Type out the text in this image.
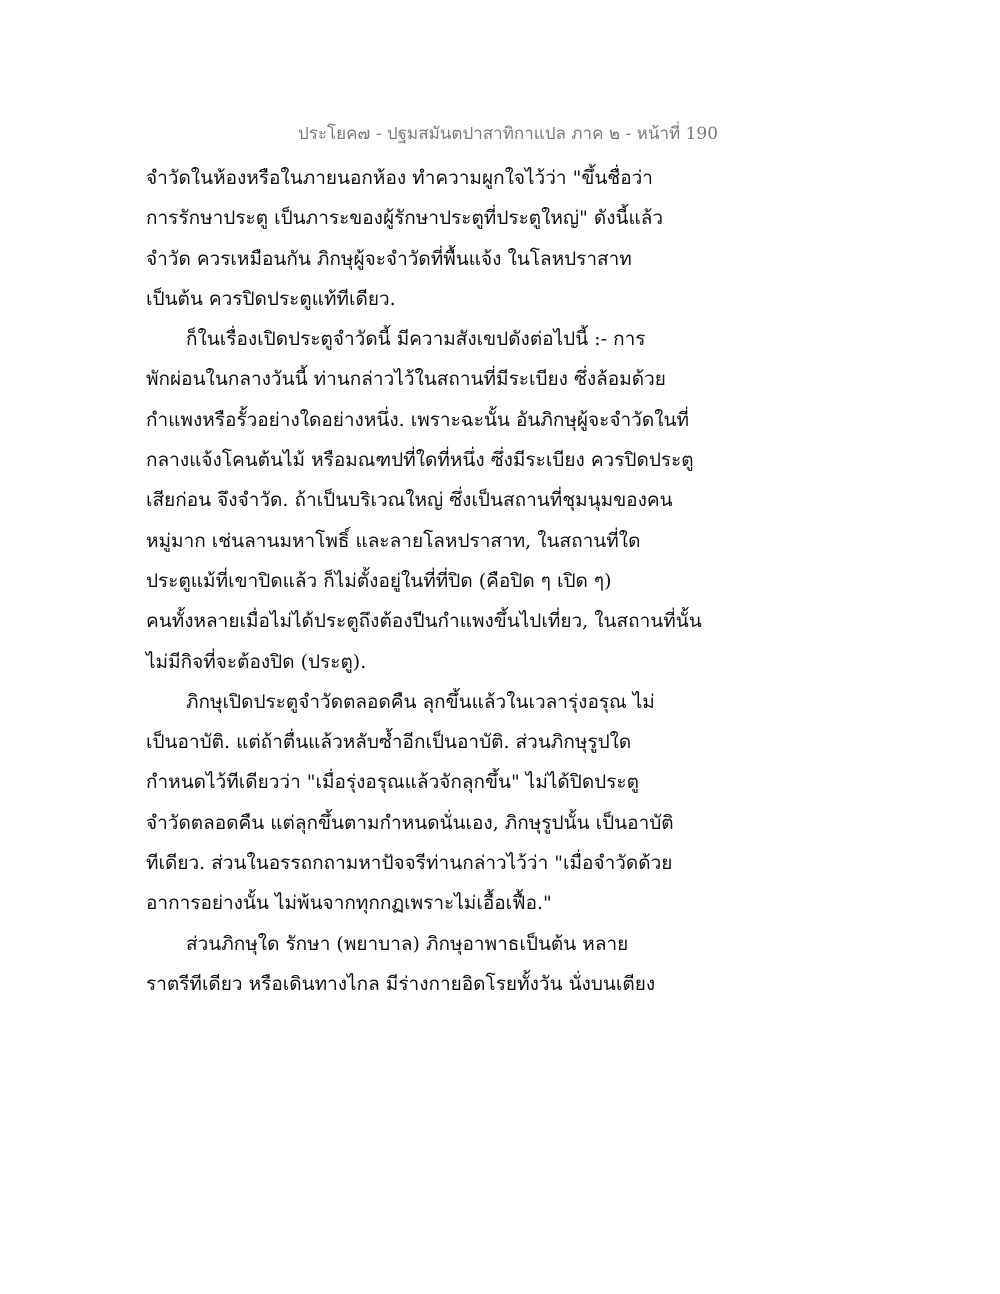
ประโยค๗ - ปฐมสมันตปาสาทิกาแปล ภาค ๒ - หน้าที่ 190
จำวัดในห้องหรือในภายนอกห้อง ทำความผูกใจไว้ว่า "ขึ้นชื่อว่า
การรักษาประตู เป็นภาระของผู้รักษาประตูที่ประตูใหญ่" ดังนี้แล้ว
จำวัด ควรเหมือนกัน ภิกษุผู้จะจำวัดที่พื้นแจ้ง ในโลหปราสาท
เป็นต้น ควรปิดประตูแท้ทีเดียว.
ก็ในเรื่องเปิดประตูจำวัดนี้ มีความสังเขปดังต่อไปนี้ :- การ
พักผ่อนในกลางวันนี้ ท่านกล่าวไว้ในสถานที่มีระเบียง ซึ่งล้อมด้วย
กำแพงหรือรั้วอย่างใดอย่างหนึ่ง. เพราะฉะนั้น อันภิกษุผู้จะจำวัดในที่
กลางแจ้งโคนต้นไม้ หรือมณฑปที่ใดที่หนึ่ง ซึ่งมีระเบียง ควรปิดประตู
เสียก่อน จึงจำวัด. ถ้าเป็นบริเวณใหญ่ ซึ่งเป็นสถานที่ชุมนุมของคน
หมู่มาก เช่นลานมหาโพธิ์ และลายโลหปราสาท, ในสถานที่ใด
ประตูแม้ที่เขาปิดแล้ว ก็ไม่ตั้งอยู่ในที่ที่ปิด (คือปิด ๆ เปิด ๆ)
คนทั้งหลายเมื่อไม่ได้ประตูถึงต้องปีนกำแพงขึ้นไปเที่ยว, ในสถานที่นั้น
ไม่มีกิจที่จะต้องปิด (ประตู).
ภิกษุเปิดประตูจำวัดตลอดคืน ลุกขึ้นแล้วในเวลารุ่งอรุณ ไม่
เป็นอาบัติ. แต่ถ้าตื่นแล้วหลับซ้ำอีกเป็นอาบัติ. ส่วนภิกษุรูปใด
กำหนดไว้ทีเดียวว่า "เมื่อรุ่งอรุณแล้วจักลุกขึ้น" ไม่ได้ปิดประตู
จำวัดตลอดคืน แต่ลุกขึ้นตามกำหนดนั่นเอง, ภิกษุรูปนั้น เป็นอาบัติ
ทีเดียว. ส่วนในอรรถกถามหาปัจจรีท่านกล่าวไว้ว่า "เมื่อจำวัดด้วย
อาการอย่างนั้น ไม่พ้นจากทุกกฏเพราะไม่เอื้อเฟื้อ."
ส่วนภิกษุใด รักษา (พยาบาล) ภิกษุอาพาธเป็นต้น หลาย
ราตรีทีเดียว หรือเดินทางไกล มีร่างกายอิดโรยทั้งวัน นั่งบนเตียง
